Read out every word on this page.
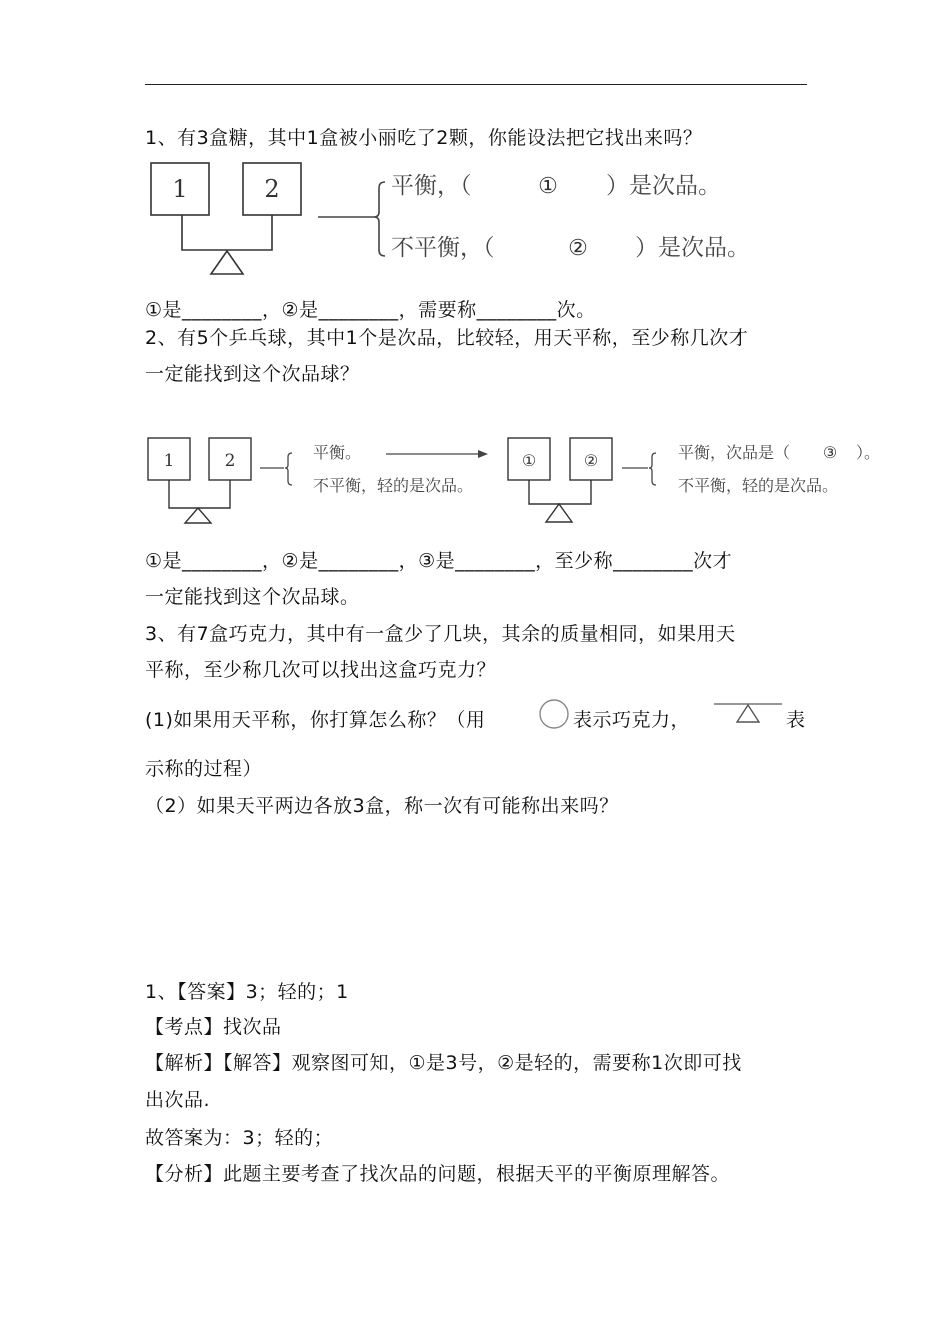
1、有3盒糖，其中1盒被小丽吃了2颗，你能设法把它找出来吗？
1	2	平衡，（	① ）是次品。
不平衡，（	② ）是次品。
①是________，②是________，需要称________次。
2、有5个乒乓球，其中1个是次品，比较轻，用天平称，至少称几次才
一定能找到这个次品球？
1	2	平衡。
不平衡，轻的是次品。
①	②	平衡，次品是（ ③ ）。
不平衡，轻的是次品。
①是________，②是________，③是________，至少称________次才
一定能找到这个次品球。
3、有7盒巧克力，其中有一盒少了几块，其余的质量相同，如果用天
平称，至少称几次可以找出这盒巧克力？
(1)如果用天平称，你打算怎么称？（用	表示巧克力，	表
示称的过程）
（2）如果天平两边各放3盒，称一次有可能称出来吗？
1、【答案】3；轻的；1
【考点】找次品
【解析】【解答】观察图可知，①是3号，②是轻的，需要称1次即可找
出次品.
故答案为：3；轻的；
【分析】此题主要考查了找次品的问题，根据天平的平衡原理解答。
